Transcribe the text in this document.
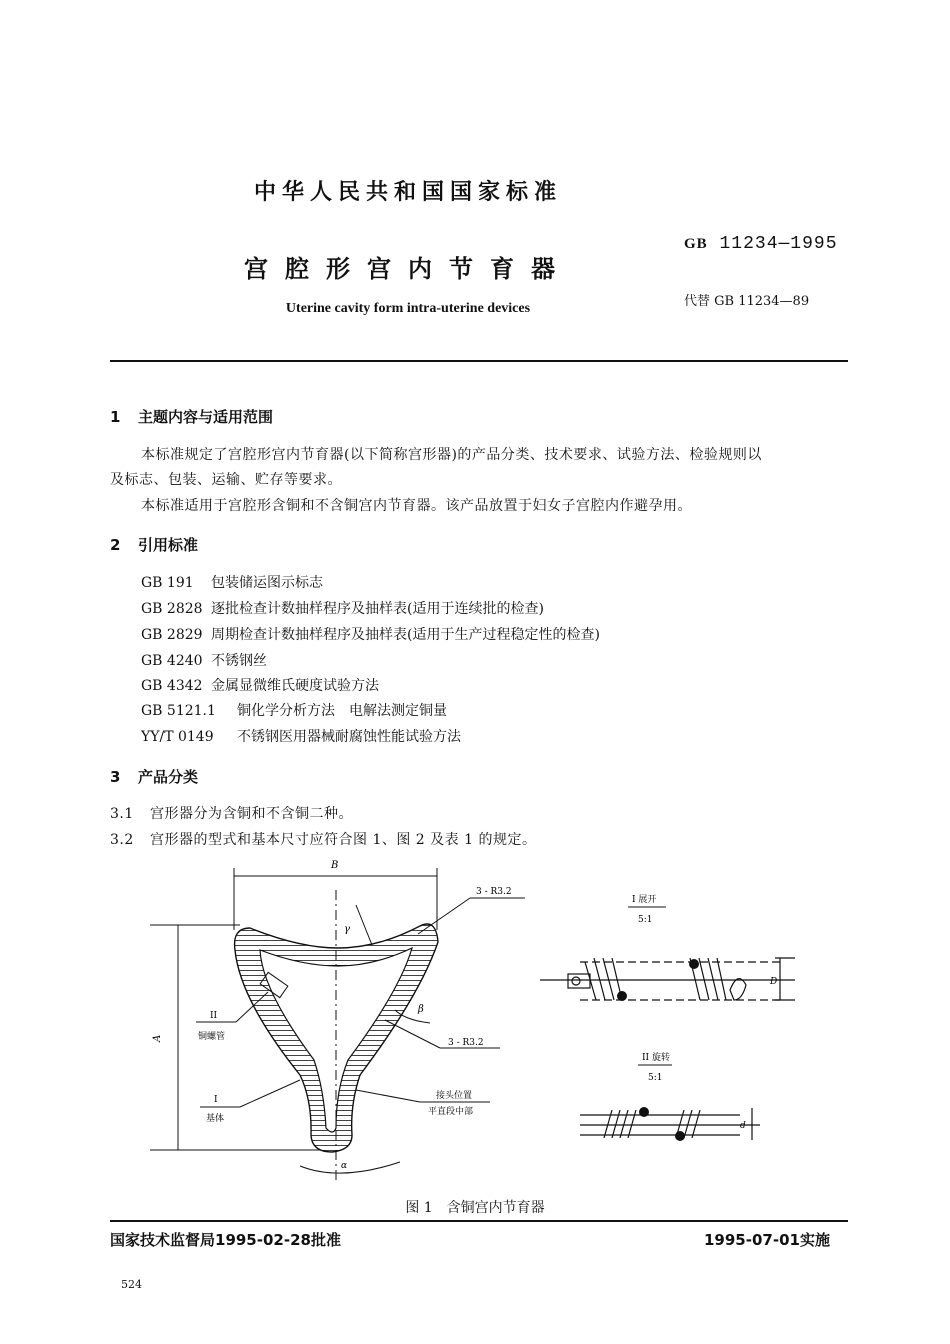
中华人民共和国国家标准
宫腔形宫内节育器
Uterine cavity form intra-uterine devices
GB 11234—1995
代替 GB 11234—89
1 主题内容与适用范围
本标准规定了宫腔形宫内节育器(以下简称宫形器)的产品分类、技术要求、试验方法、检验规则以
及标志、包装、运输、贮存等要求。
本标准适用于宫腔形含铜和不含铜宫内节育器。该产品放置于妇女子宫腔内作避孕用。
2 引用标准
GB 191 包装储运图示标志
GB 2828 逐批检查计数抽样程序及抽样表(适用于连续批的检查)
GB 2829 周期检查计数抽样程序及抽样表(适用于生产过程稳定性的检查)
GB 4240 不锈钢丝
GB 4342 金属显微维氏硬度试验方法
GB 5121.1 铜化学分析方法　电解法测定铜量
YY/T 0149 不锈钢医用器械耐腐蚀性能试验方法
3 产品分类
3.1 宫形器分为含铜和不含铜二种。
3.2 宫形器的型式和基本尺寸应符合图 1、图 2 及表 1 的规定。
B
A
γ
β
α
3 - R3.2
3 - R3.2
II
铜螺管
I
基体
接头位置
平直段中部
I 展开
5:1
D
II 旋转
5:1
d
图 1　含铜宫内节育器
国家技术监督局1995-02-28批准	1995-07-01实施
524
